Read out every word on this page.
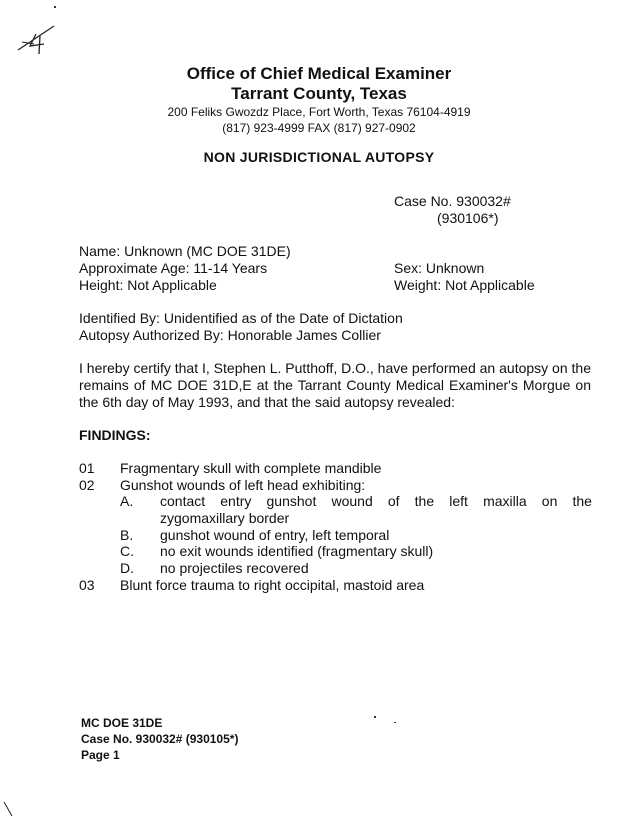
Office of Chief Medical Examiner
Tarrant County, Texas
200 Feliks Gwozdz Place, Fort Worth, Texas 76104-4919
(817) 923-4999 FAX (817) 927-0902
NON JURISDICTIONAL AUTOPSY
Case No. 930032#
(930106*)
Name: Unknown (MC DOE 31DE)
Approximate Age: 11-14 Years
Height: Not Applicable
Sex: Unknown
Weight: Not Applicable
Identified By: Unidentified as of the Date of Dictation
Autopsy Authorized By: Honorable James Collier
I hereby certify that I, Stephen L. Putthoff, D.O., have performed an autopsy on the remains of MC DOE 31D,E at the Tarrant County Medical Examiner's Morgue on the 6th day of May 1993, and that the said autopsy revealed:
FINDINGS:
01 Fragmentary skull with complete mandible
02 Gunshot wounds of left head exhibiting:
A. contact entry gunshot wound of the left maxilla on the
zygomaxillary border
B. gunshot wound of entry, left temporal
C. no exit wounds identified (fragmentary skull)
D. no projectiles recovered
03 Blunt force trauma to right occipital, mastoid area
MC DOE 31DE
Case No. 930032# (930105*)
Page 1
